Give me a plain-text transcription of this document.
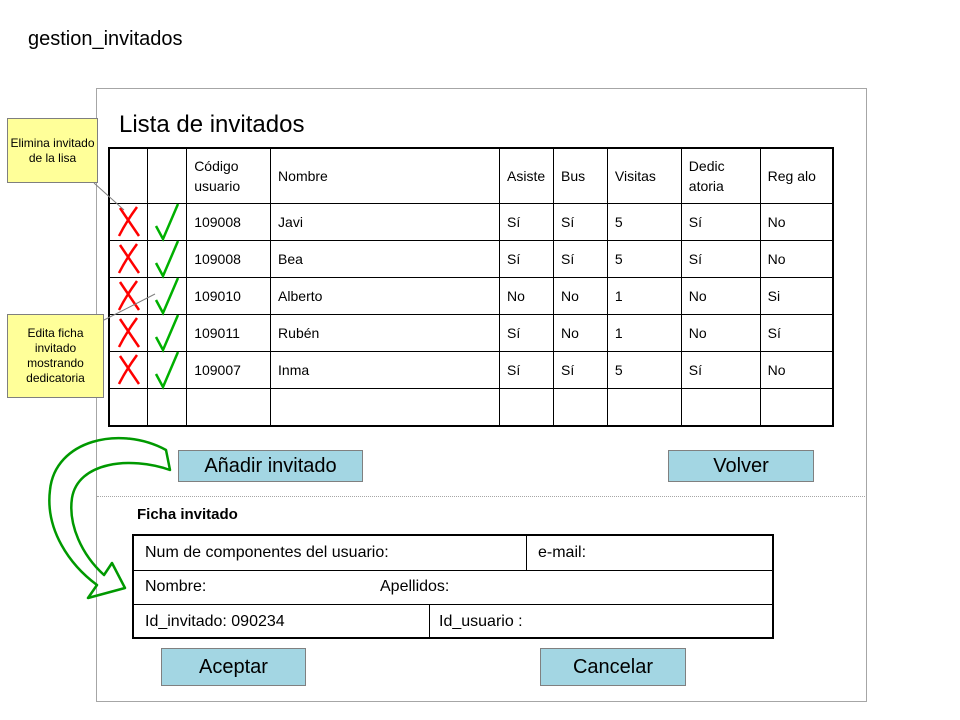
gestion_invitados
Lista de invitados
		Código usuario	Nombre	Asiste	Bus	Visitas	Dedic atoria	Reg alo

	109008	Javi	Sí	Sí	5	Sí	No

	109008	Bea	Sí	Sí	5	Sí	No

	109010	Alberto	No	No	1	No	Si

	109011	Rubén	Sí	No	1	No	Sí

	109007	Inma	Sí	Sí	5	Sí	No

Añadir invitado	Volver
Ficha invitado
Num de componentes del usuario:	e-mail:
Nombre:	Apellidos:
Id_invitado: 090234	Id_usuario :
Aceptar	Cancelar
Elimina invitado de la lisa
Edita ficha invitado mostrando dedicatoria
